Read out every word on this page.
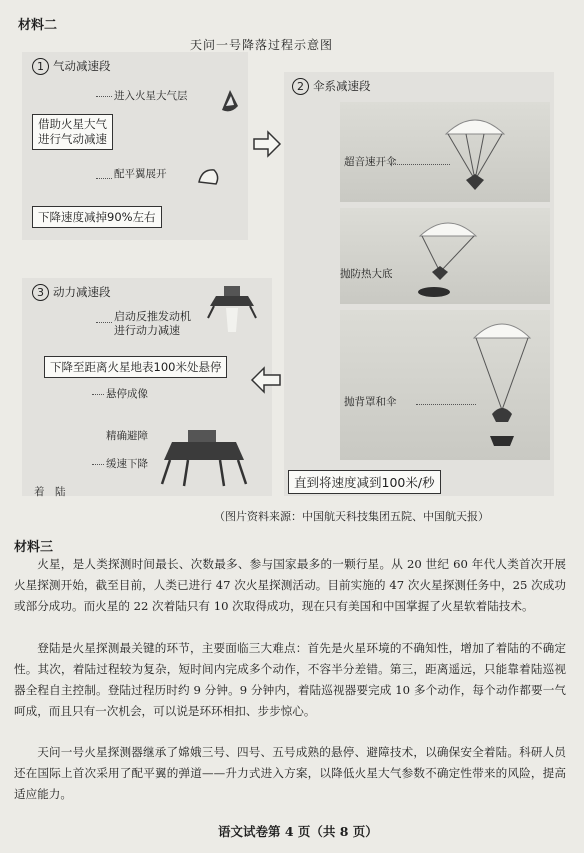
材料二
天问一号降落过程示意图
1 气动减速段
进入火星大气层
借助火星大气
进行气动减速
配平翼展开
下降速度减掉90%左右
2 伞系减速段
超音速开伞
抛防热大底
抛背罩和伞
直到将速度减到100米/秒
3 动力减速段
启动反推发动机
进行动力减速
下降至距离火星地表100米处悬停
悬停成像
精确避障
缓速下降
着　陆
（图片资料来源：中国航天科技集团五院、中国航天报）
材料三
火星，是人类探测时间最长、次数最多、参与国家最多的一颗行星。从 20 世纪 60 年代人类首次开展火星探测开始，截至目前，人类已进行 47 次火星探测活动。目前实施的 47 次火星探测任务中，25 次成功或部分成功。而火星的 22 次着陆只有 10 次取得成功，现在只有美国和中国掌握了火星软着陆技术。
登陆是火星探测最关键的环节，主要面临三大难点：首先是火星环境的不确知性，增加了着陆的不确定性。其次，着陆过程较为复杂，短时间内完成多个动作，不容半分差错。第三，距离遥远，只能靠着陆巡视器全程自主控制。登陆过程历时约 9 分钟。9 分钟内，着陆巡视器要完成 10 多个动作，每个动作都要一气呵成，而且只有一次机会，可以说是环环相扣、步步惊心。
天问一号火星探测器继承了嫦娥三号、四号、五号成熟的悬停、避障技术，以确保安全着陆。科研人员还在国际上首次采用了配平翼的弹道——升力式进入方案，以降低火星大气参数不确定性带来的风险，提高适应能力。
语文试卷第 4 页（共 8 页）
